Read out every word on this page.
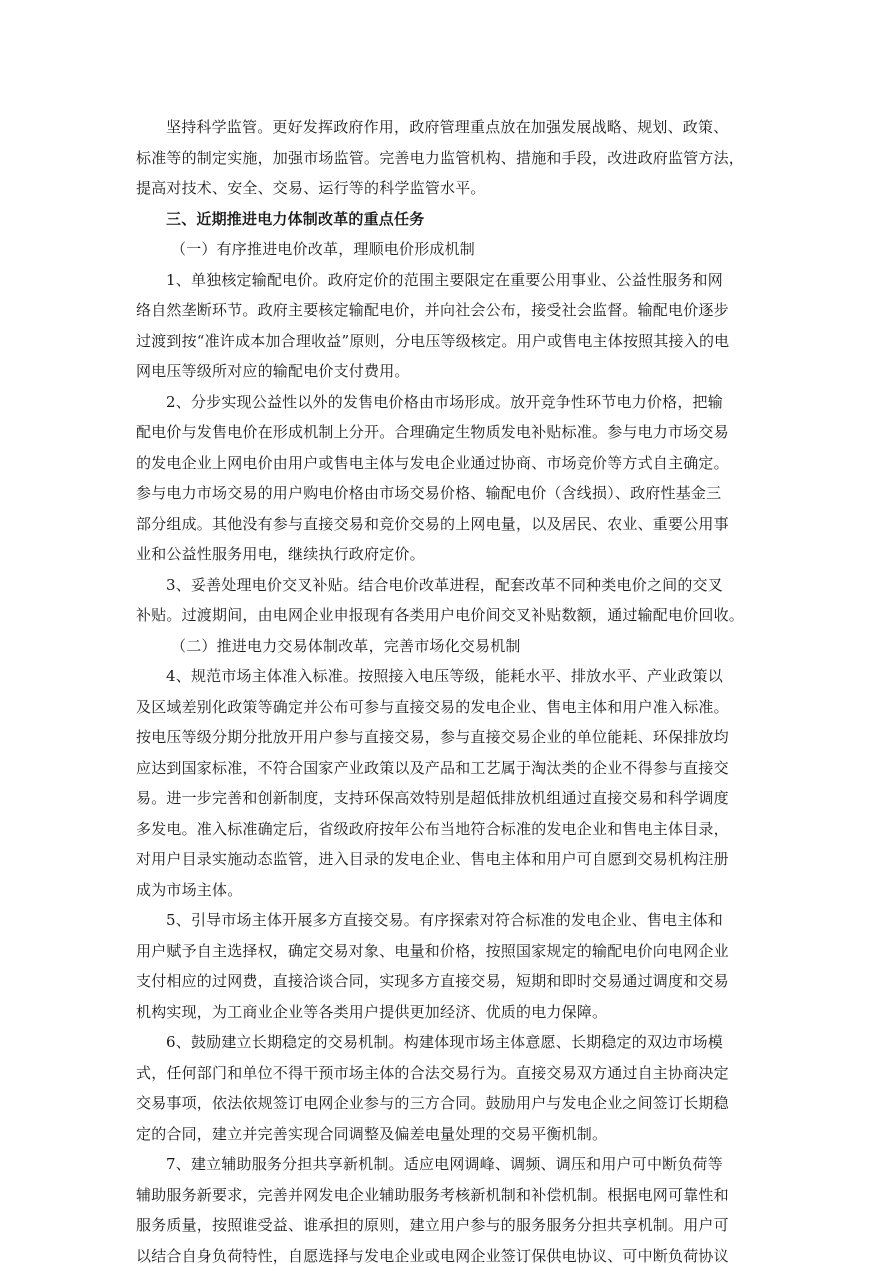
坚持科学监管。更好发挥政府作用，政府管理重点放在加强发展战略、规划、政策、
标准等的制定实施，加强市场监管。完善电力监管机构、措施和手段，改进政府监管方法，
提高对技术、安全、交易、运行等的科学监管水平。
三、近期推进电力体制改革的重点任务
（一）有序推进电价改革，理顺电价形成机制
1、单独核定输配电价。政府定价的范围主要限定在重要公用事业、公益性服务和网
络自然垄断环节。政府主要核定输配电价，并向社会公布，接受社会监督。输配电价逐步
过渡到按“准许成本加合理收益”原则，分电压等级核定。用户或售电主体按照其接入的电
网电压等级所对应的输配电价支付费用。
2、分步实现公益性以外的发售电价格由市场形成。放开竞争性环节电力价格，把输
配电价与发售电价在形成机制上分开。合理确定生物质发电补贴标准。参与电力市场交易
的发电企业上网电价由用户或售电主体与发电企业通过协商、市场竞价等方式自主确定。
参与电力市场交易的用户购电价格由市场交易价格、输配电价（含线损）、政府性基金三
部分组成。其他没有参与直接交易和竞价交易的上网电量，以及居民、农业、重要公用事
业和公益性服务用电，继续执行政府定价。
3、妥善处理电价交叉补贴。结合电价改革进程，配套改革不同种类电价之间的交叉
补贴。过渡期间，由电网企业申报现有各类用户电价间交叉补贴数额，通过输配电价回收。
（二）推进电力交易体制改革，完善市场化交易机制
4、规范市场主体准入标准。按照接入电压等级，能耗水平、排放水平、产业政策以
及区域差别化政策等确定并公布可参与直接交易的发电企业、售电主体和用户准入标准。
按电压等级分期分批放开用户参与直接交易，参与直接交易企业的单位能耗、环保排放均
应达到国家标准，不符合国家产业政策以及产品和工艺属于淘汰类的企业不得参与直接交
易。进一步完善和创新制度，支持环保高效特别是超低排放机组通过直接交易和科学调度
多发电。准入标准确定后，省级政府按年公布当地符合标准的发电企业和售电主体目录，
对用户目录实施动态监管，进入目录的发电企业、售电主体和用户可自愿到交易机构注册
成为市场主体。
5、引导市场主体开展多方直接交易。有序探索对符合标准的发电企业、售电主体和
用户赋予自主选择权，确定交易对象、电量和价格，按照国家规定的输配电价向电网企业
支付相应的过网费，直接洽谈合同，实现多方直接交易，短期和即时交易通过调度和交易
机构实现，为工商业企业等各类用户提供更加经济、优质的电力保障。
6、鼓励建立长期稳定的交易机制。构建体现市场主体意愿、长期稳定的双边市场模
式，任何部门和单位不得干预市场主体的合法交易行为。直接交易双方通过自主协商决定
交易事项，依法依规签订电网企业参与的三方合同。鼓励用户与发电企业之间签订长期稳
定的合同，建立并完善实现合同调整及偏差电量处理的交易平衡机制。
7、建立辅助服务分担共享新机制。适应电网调峰、调频、调压和用户可中断负荷等
辅助服务新要求，完善并网发电企业辅助服务考核新机制和补偿机制。根据电网可靠性和
服务质量，按照谁受益、谁承担的原则，建立用户参与的服务服务分担共享机制。用户可
以结合自身负荷特性，自愿选择与发电企业或电网企业签订保供电协议、可中断负荷协议
